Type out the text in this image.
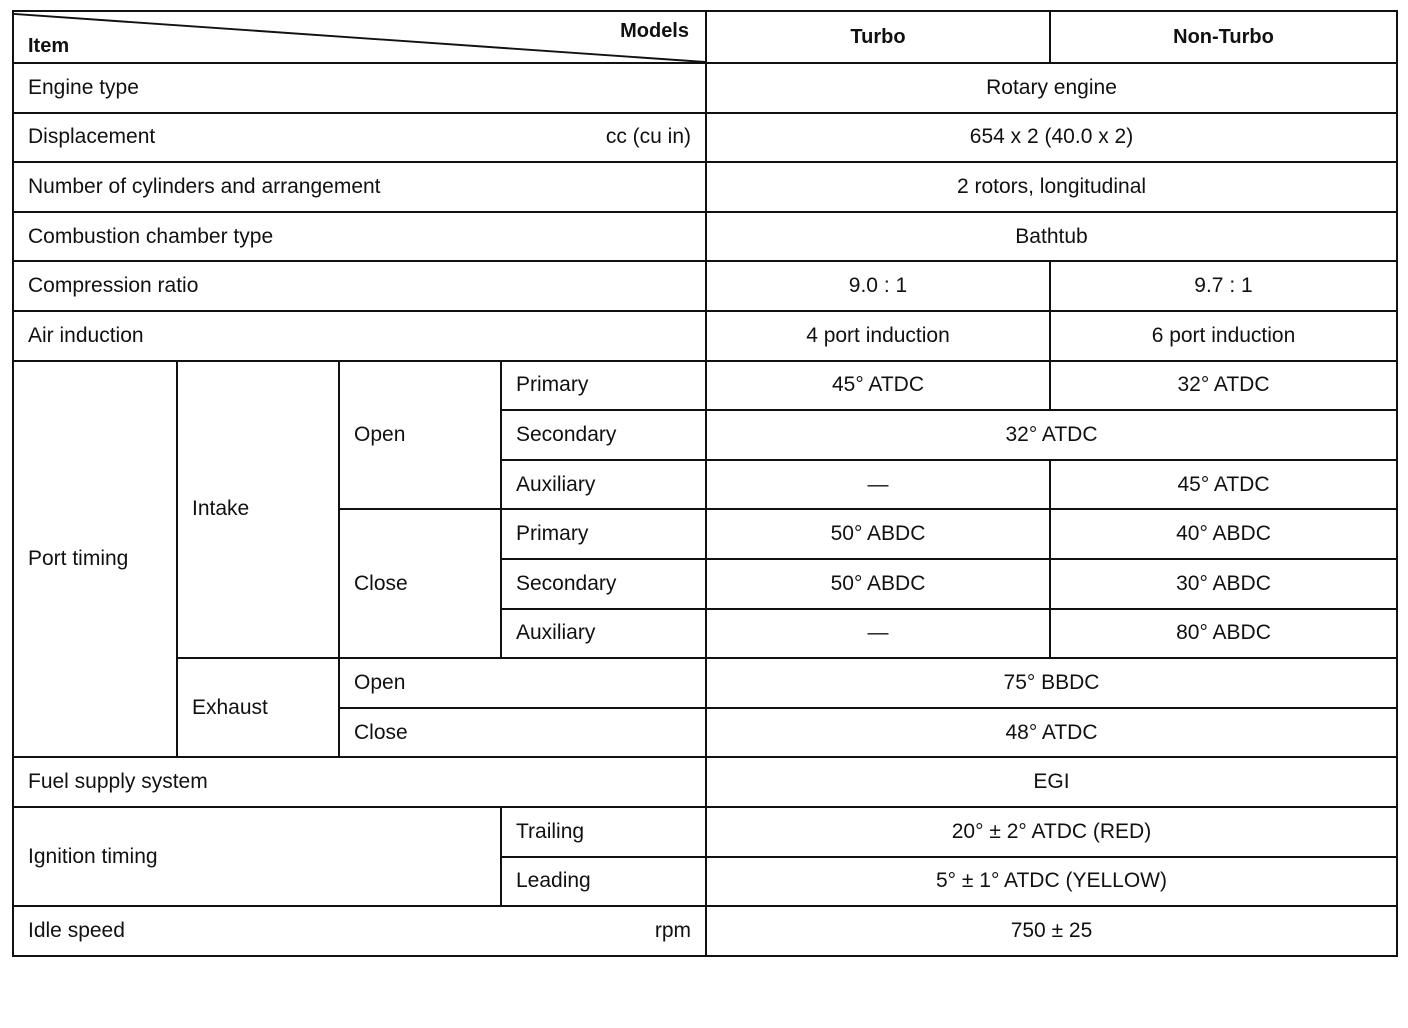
Models
Item				Turbo	Non-Turbo
Engine type				Rotary engine	

Displacement cc (cu in)				654 x 2 (40.0 x 2)	
Number of cylinders and arrangement				2 rotors, longitudinal	
Combustion chamber type				Bathtub	
Compression ratio				9.0 : 1	9.7 : 1
Air induction				4 port induction	6 port induction
Port timing	Intake	Open	Primary	45° ATDC	32° ATDC
			Secondary	32° ATDC	
			Auxiliary	—	45° ATDC
		Close	Primary	50° ABDC	40° ABDC
			Secondary	50° ABDC	30° ABDC
			Auxiliary	—	80° ABDC
	Exhaust	Open		75° BBDC	
		Close		48° ATDC	
Fuel supply system				EGI	
Ignition timing			Trailing	20° ± 2° ATDC (RED)	
			Leading	5° ± 1° ATDC (YELLOW)	

Idle speed rpm				750 ± 25	
